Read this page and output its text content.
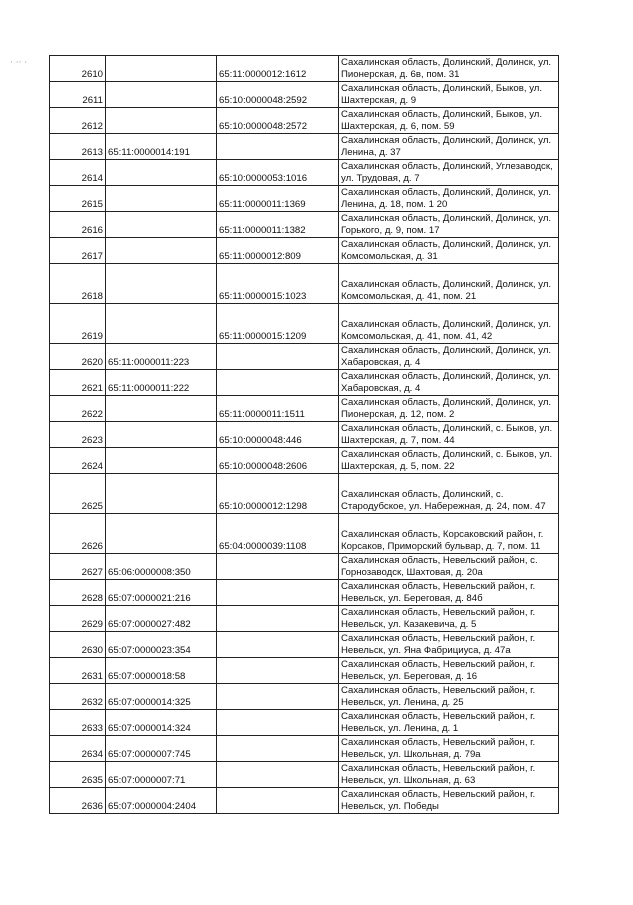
· ·· ·
2610		65:11:0000012:1612	Сахалинская область, Долинский, Долинск, ул.
Пионерская, д. 6в, пом. 31

2611		65:10:0000048:2592	Сахалинская область, Долинский, Быков, ул.
Шахтерская, д. 9

2612		65:10:0000048:2572	Сахалинская область, Долинский, Быков, ул.
Шахтерская, д. 6, пом. 59

2613	65:11:0000014:191		Сахалинская область, Долинский, Долинск, ул.
Ленина, д. 37

2614		65:10:0000053:1016	Сахалинская область, Долинский, Углезаводск,
ул. Трудовая, д. 7

2615		65:11:0000011:1369	Сахалинская область, Долинский, Долинск, ул.
Ленина, д. 18, пом. 1 20

2616		65:11:0000011:1382	Сахалинская область, Долинский, Долинск, ул.
Горького, д. 9, пом. 17

2617		65:11:0000012:809	Сахалинская область, Долинский, Долинск, ул.
Комсомольская, д. 31

2618		65:11:0000015:1023	Сахалинская область, Долинский, Долинск, ул.
Комсомольская, д. 41, пом. 21

2619		65:11:0000015:1209	Сахалинская область, Долинский, Долинск, ул.
Комсомольская, д. 41, пом. 41, 42

2620	65:11:0000011:223		Сахалинская область, Долинский, Долинск, ул.
Хабаровская, д. 4

2621	65:11:0000011:222		Сахалинская область, Долинский, Долинск, ул.
Хабаровская, д. 4

2622		65:11:0000011:1511	Сахалинская область, Долинский, Долинск, ул.
Пионерская, д. 12, пом. 2

2623		65:10:0000048:446	Сахалинская область, Долинский, с. Быков, ул.
Шахтерская, д. 7, пом. 44

2624		65:10:0000048:2606	Сахалинская область, Долинский, с. Быков, ул.
Шахтерская, д. 5, пом. 22

2625		65:10:0000012:1298	Сахалинская область, Долинский, с.
Стародубское, ул. Набережная, д. 24, пом. 47

2626		65:04:0000039:1108	Сахалинская область, Корсаковский район, г.
Корсаков, Приморский бульвар, д. 7, пом. 11

2627	65:06:0000008:350		Сахалинская область, Невельский район, с.
Горнозаводск, Шахтовая, д. 20а

2628	65:07:0000021:216		Сахалинская область, Невельский район, г.
Невельск, ул. Береговая, д. 84б

2629	65:07:0000027:482		Сахалинская область, Невельский район, г.
Невельск, ул. Казакевича, д. 5

2630	65:07:0000023:354		Сахалинская область, Невельский район, г.
Невельск, ул. Яна Фабрициуса, д. 47а

2631	65:07:0000018:58		Сахалинская область, Невельский район, г.
Невельск, ул. Береговая, д. 16

2632	65:07:0000014:325		Сахалинская область, Невельский район, г.
Невельск, ул. Ленина, д. 25

2633	65:07:0000014:324		Сахалинская область, Невельский район, г.
Невельск, ул. Ленина, д. 1

2634	65:07:0000007:745		Сахалинская область, Невельский район, г.
Невельск, ул. Школьная, д. 79а

2635	65:07:0000007:71		Сахалинская область, Невельский район, г.
Невельск, ул. Школьная, д. 63

2636	65:07:0000004:2404		Сахалинская область, Невельский район, г.
Невельск, ул. Победы
